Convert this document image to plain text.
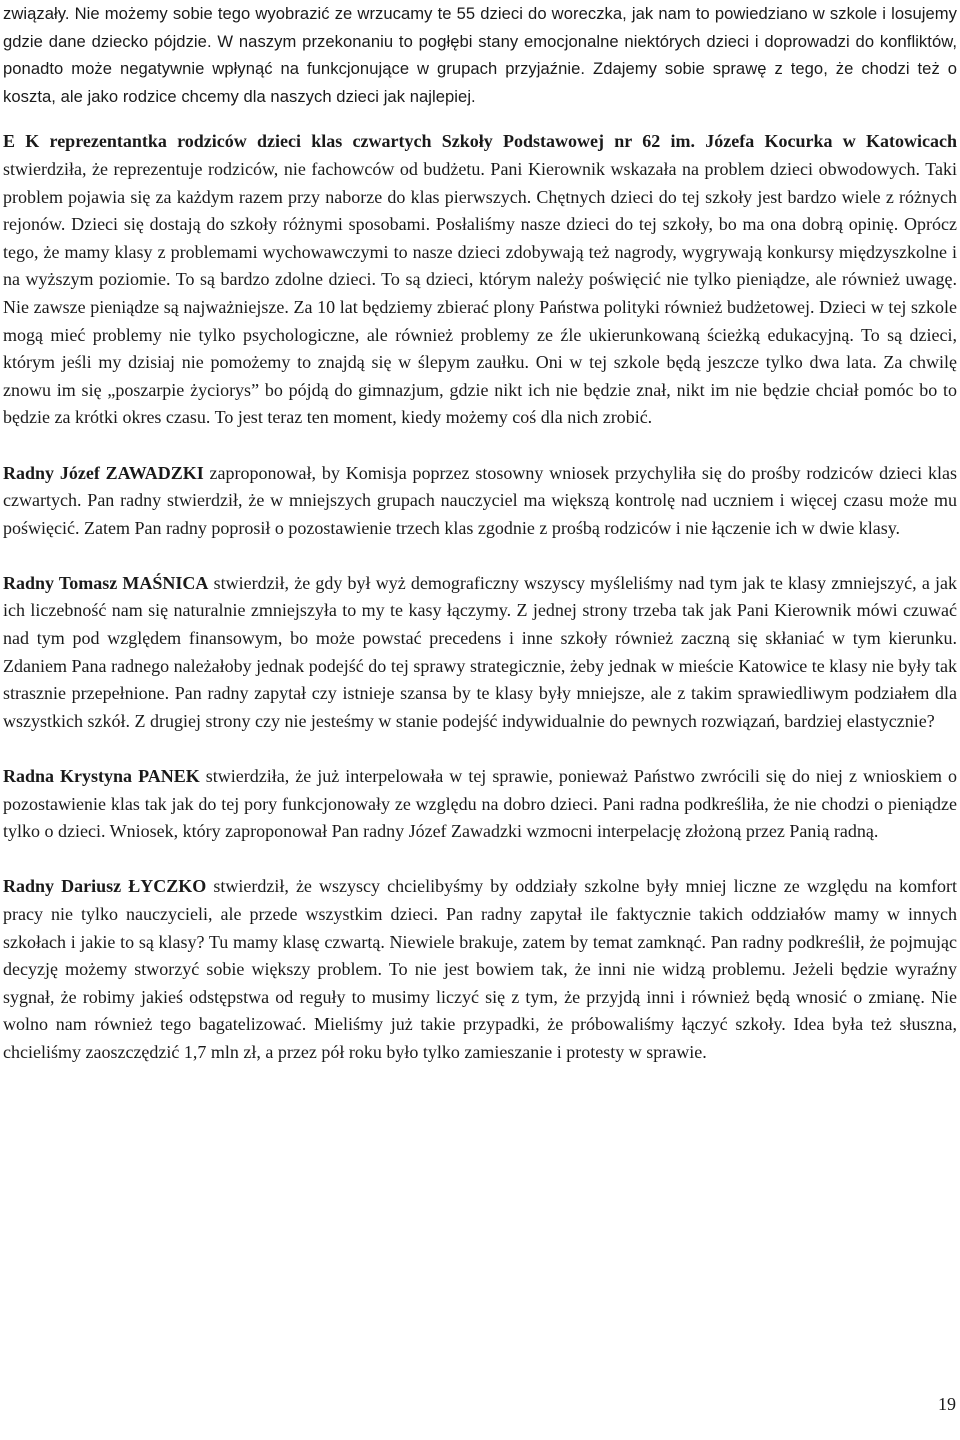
związały. Nie możemy sobie tego wyobrazić ze wrzucamy te 55 dzieci do woreczka, jak nam to powiedziano w szkole i losujemy gdzie dane dziecko pójdzie. W naszym przekonaniu to pogłębi stany emocjonalne niektórych dzieci i doprowadzi do konfliktów, ponadto może negatywnie wpłynąć na funkcjonujące w grupach przyjaźnie. Zdajemy sobie sprawę z tego, że chodzi też o koszta, ale jako rodzice chcemy dla naszych dzieci jak najlepiej.

E K reprezentantka rodziców dzieci klas czwartych Szkoły Podstawowej nr 62 im. Józefa Kocurka w Katowicach stwierdziła, że reprezentuje rodziców, nie fachowców od budżetu. Pani Kierownik wskazała na problem dzieci obwodowych. Taki problem pojawia się za każdym razem przy naborze do klas pierwszych. Chętnych dzieci do tej szkoły jest bardzo wiele z różnych rejonów. Dzieci się dostają do szkoły różnymi sposobami. Posłaliśmy nasze dzieci do tej szkoły, bo ma ona dobrą opinię. Oprócz tego, że mamy klasy z problemami wychowawczymi to nasze dzieci zdobywają też nagrody, wygrywają konkursy międzyszkolne i na wyższym poziomie. To są bardzo zdolne dzieci. To są dzieci, którym należy poświęcić nie tylko pieniądze, ale również uwagę. Nie zawsze pieniądze są najważniejsze. Za 10 lat będziemy zbierać plony Państwa polityki również budżetowej. Dzieci w tej szkole mogą mieć problemy nie tylko psychologiczne, ale również problemy ze źle ukierunkowaną ścieżką edukacyjną. To są dzieci, którym jeśli my dzisiaj nie pomożemy to znajdą się w ślepym zaułku. Oni w tej szkole będą jeszcze tylko dwa lata. Za chwilę znowu im się „poszarpie życiorys” bo pójdą do gimnazjum, gdzie nikt ich nie będzie znał, nikt im nie będzie chciał pomóc bo to będzie za krótki okres czasu. To jest teraz ten moment, kiedy możemy coś dla nich zrobić.

Radny Józef ZAWADZKI zaproponował, by Komisja poprzez stosowny wniosek przychyliła się do prośby rodziców dzieci klas czwartych. Pan radny stwierdził, że w mniejszych grupach nauczyciel ma większą kontrolę nad uczniem i więcej czasu może mu poświęcić. Zatem Pan radny poprosił o pozostawienie trzech klas zgodnie z prośbą rodziców i nie łączenie ich w dwie klasy.

Radny Tomasz MAŚNICA stwierdził, że gdy był wyż demograficzny wszyscy myśleliśmy nad tym jak te klasy zmniejszyć, a jak ich liczebność nam się naturalnie zmniejszyła to my te kasy łączymy. Z jednej strony trzeba tak jak Pani Kierownik mówi czuwać nad tym pod względem finansowym, bo może powstać precedens i inne szkoły również zaczną się skłaniać w tym kierunku. Zdaniem Pana radnego należałoby jednak podejść do tej sprawy strategicznie, żeby jednak w mieście Katowice te klasy nie były tak strasznie przepełnione. Pan radny zapytał czy istnieje szansa by te klasy były mniejsze, ale z takim sprawiedliwym podziałem dla wszystkich szkół. Z drugiej strony czy nie jesteśmy w stanie podejść indywidualnie do pewnych rozwiązań, bardziej elastycznie?

Radna Krystyna PANEK stwierdziła, że już interpelowała w tej sprawie, ponieważ Państwo zwrócili się do niej z wnioskiem o pozostawienie klas tak jak do tej pory funkcjonowały ze względu na dobro dzieci. Pani radna podkreśliła, że nie chodzi o pieniądze tylko o dzieci. Wniosek, który zaproponował Pan radny Józef Zawadzki wzmocni interpelację złożoną przez Panią radną.

Radny Dariusz ŁYCZKO stwierdził, że wszyscy chcielibyśmy by oddziały szkolne były mniej liczne ze względu na komfort pracy nie tylko nauczycieli, ale przede wszystkim dzieci. Pan radny zapytał ile faktycznie takich oddziałów mamy w innych szkołach i jakie to są klasy? Tu mamy klasę czwartą. Niewiele brakuje, zatem by temat zamknąć. Pan radny podkreślił, że pojmując decyzję możemy stworzyć sobie większy problem. To nie jest bowiem tak, że inni nie widzą problemu. Jeżeli będzie wyraźny sygnał, że robimy jakieś odstępstwa od reguły to musimy liczyć się z tym, że przyjdą inni i również będą wnosić o zmianę. Nie wolno nam również tego bagatelizować. Mieliśmy już takie przypadki, że próbowaliśmy łączyć szkoły. Idea była też słuszna, chcieliśmy zaoszczędzić 1,7 mln zł, a przez pół roku było tylko zamieszanie i protesty w sprawie.

19
